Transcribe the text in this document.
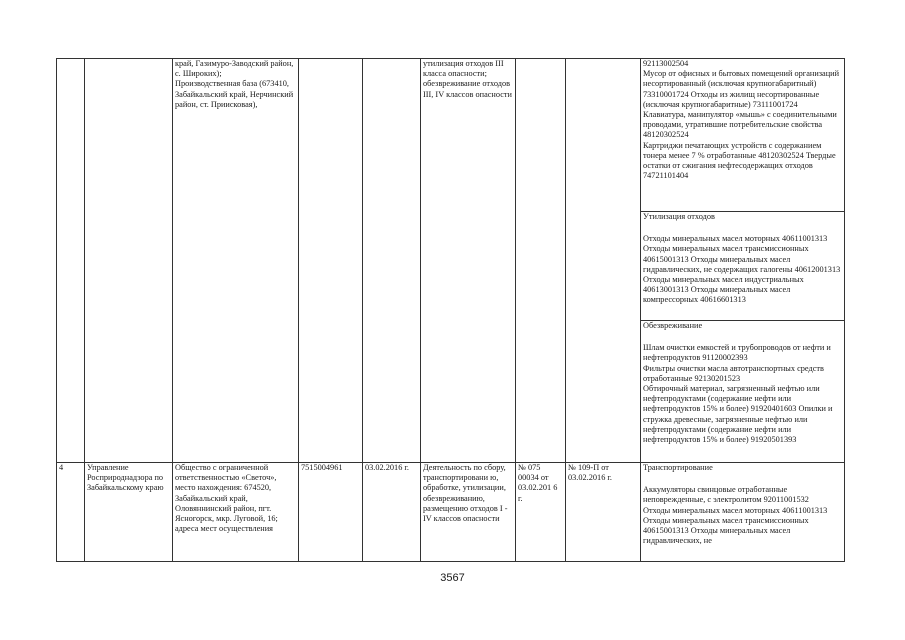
		край, Газимуро-Заводский район, с. Широких);
Производственная база (673410, Забайкальский край, Нерчинский район, ст. Приисковая),			утилизация отходов III класса опасности; обезвреживание отходов III, IV классов опасности			92113002504
Мусор от офисных и бытовых помещений организаций несортированный (исключая крупногабаритный) 73310001724 Отходы из жилищ несортированные (исключая крупногабаритные) 73111001724
Клавиатура, манипулятор «мышь» с соединительными проводами, утратившие потребительские свойства 48120302524
Картриджи печатающих устройств с содержанием тонера менее 7 % отработанные 48120302524 Твердые остатки от сжигания нефтесодержащих отходов 74721101404

								Утилизация отходов
Отходы минеральных масел моторных 40611001313 Отходы минеральных масел трансмиссионных 40615001313 Отходы минеральных масел гидравлических, не содержащих галогены 40612001313 Отходы минеральных масел индустриальных 40613001313 Отходы минеральных масел компрессорных 40616601313

								Обезвреживание
Шлам очистки емкостей и трубопроводов от нефти и нефтепродуктов 91120002393
Фильтры очистки масла автотранспортных средств отработанные 92130201523
Обтирочный материал, загрязненный нефтью или нефтепродуктами (содержание нефти или нефтепродуктов 15% и более) 91920401603 Опилки и стружка древесные, загрязненные нефтью или нефтепродуктами (содержание нефти или нефтепродуктов 15% и более) 91920501393
4	Управление Росприроднадзора по Забайкальскому краю	Общество с ограниченной ответственностью «Светоч»,
место нахождения: 674520, Забайкальский край, Оловяннинский район, пгт. Ясногорск, мкр. Луговой, 16; адреса мест осуществления	7515004961	03.02.2016 г.	Деятельность по сбору, транспортировани ю, обработке, утилизации, обезвреживанию, размещению отходов I - IV классов опасности	№ 075 00034 от 03.02.201 6 г.	№ 109-П от 03.02.2016 г.	Транспортирование
Аккумуляторы свинцовые отработанные неповрежденные, с электролитом 92011001532
Отходы минеральных масел моторных 40611001313 Отходы минеральных масел трансмиссионных 40615001313 Отходы минеральных масел гидравлических, не
3567
